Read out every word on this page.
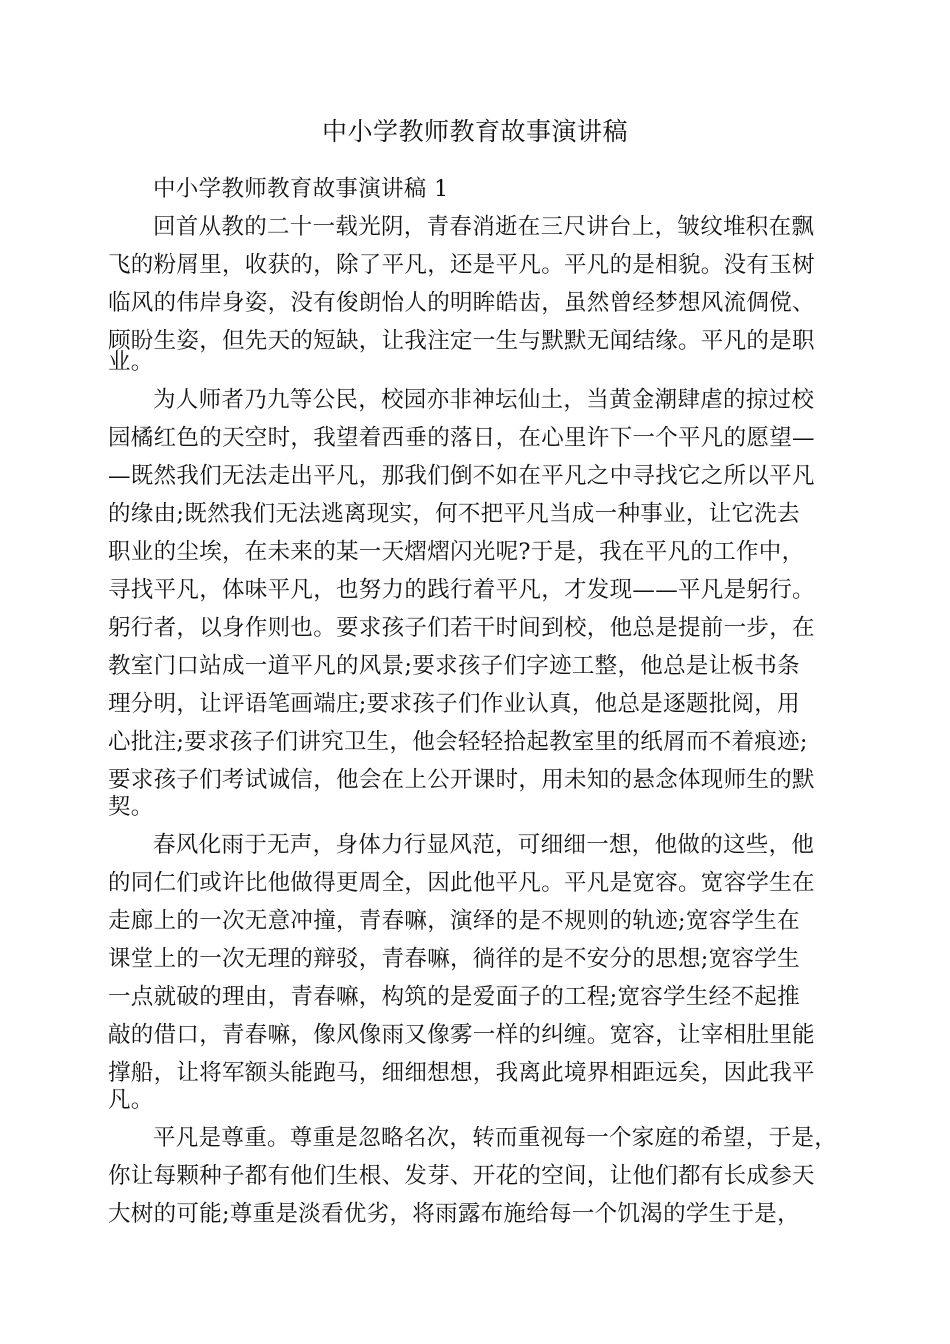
中小学教师教育故事演讲稿
中小学教师教育故事演讲稿 1
回首从教的二十一载光阴，青春消逝在三尺讲台上，皱纹堆积在飘
飞的粉屑里，收获的，除了平凡，还是平凡。平凡的是相貌。没有玉树
临风的伟岸身姿，没有俊朗怡人的明眸皓齿，虽然曾经梦想风流倜傥、
顾盼生姿，但先天的短缺，让我注定一生与默默无闻结缘。平凡的是职
业。
为人师者乃九等公民，校园亦非神坛仙土，当黄金潮肆虐的掠过校
园橘红色的天空时，我望着西垂的落日，在心里许下一个平凡的愿望—
—既然我们无法走出平凡，那我们倒不如在平凡之中寻找它之所以平凡
的缘由;既然我们无法逃离现实，何不把平凡当成一种事业，让它洗去
职业的尘埃，在未来的某一天熠熠闪光呢?于是，我在平凡的工作中，
寻找平凡，体味平凡，也努力的践行着平凡，才发现——平凡是躬行。
躬行者，以身作则也。要求孩子们若干时间到校，他总是提前一步，在
教室门口站成一道平凡的风景;要求孩子们字迹工整，他总是让板书条
理分明，让评语笔画端庄;要求孩子们作业认真，他总是逐题批阅，用
心批注;要求孩子们讲究卫生，他会轻轻拾起教室里的纸屑而不着痕迹;
要求孩子们考试诚信，他会在上公开课时，用未知的悬念体现师生的默
契。
春风化雨于无声，身体力行显风范，可细细一想，他做的这些，他
的同仁们或许比他做得更周全，因此他平凡。平凡是宽容。宽容学生在
走廊上的一次无意冲撞，青春嘛，演绎的是不规则的轨迹;宽容学生在
课堂上的一次无理的辩驳，青春嘛，徜徉的是不安分的思想;宽容学生
一点就破的理由，青春嘛，构筑的是爱面子的工程;宽容学生经不起推
敲的借口，青春嘛，像风像雨又像雾一样的纠缠。宽容，让宰相肚里能
撑船，让将军额头能跑马，细细想想，我离此境界相距远矣，因此我平
凡。
平凡是尊重。尊重是忽略名次，转而重视每一个家庭的希望，于是，
你让每颗种子都有他们生根、发芽、开花的空间，让他们都有长成参天
大树的可能;尊重是淡看优劣，将雨露布施给每一个饥渴的学生于是，
